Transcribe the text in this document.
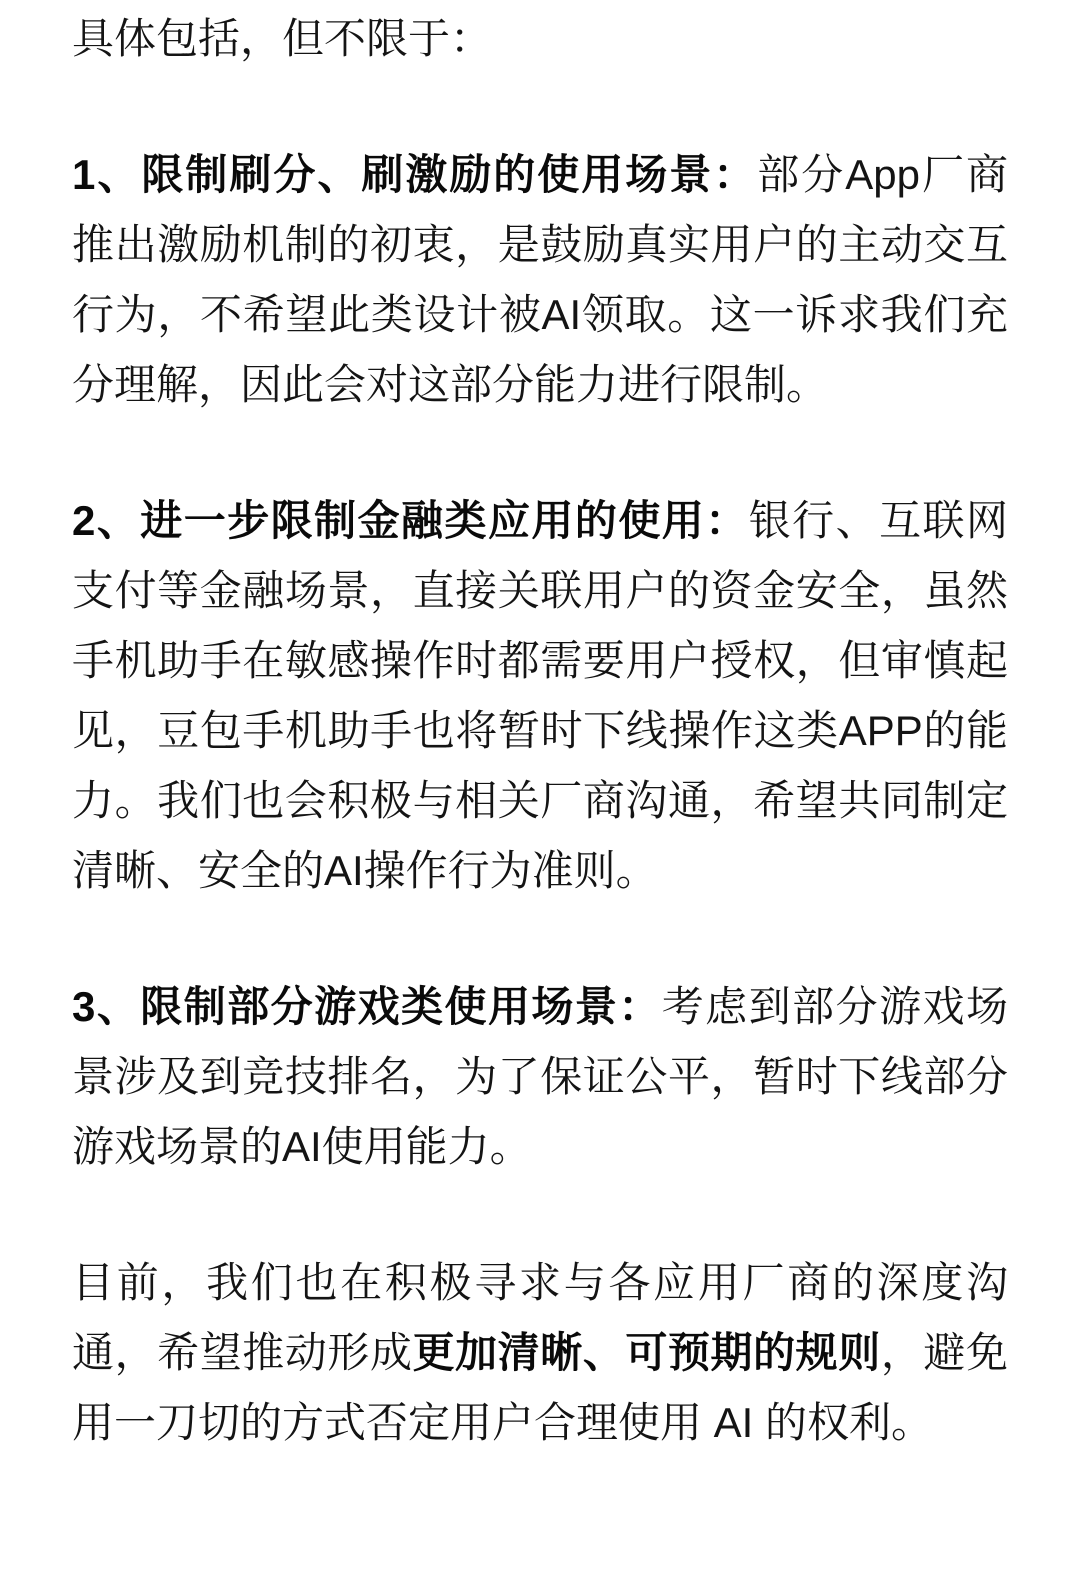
具体包括，但不限于：

1、限制刷分、刷激励的使用场景：部分App厂商推出激励机制的初衷，是鼓励真实用户的主动交互行为，不希望此类设计被AI领取。这一诉求我们充分理解，因此会对这部分能力进行限制。

2、进一步限制金融类应用的使用：银行、互联网支付等金融场景，直接关联用户的资金安全，虽然手机助手在敏感操作时都需要用户授权，但审慎起见，豆包手机助手也将暂时下线操作这类APP的能力。我们也会积极与相关厂商沟通，希望共同制定清晰、安全的AI操作行为准则。

3、限制部分游戏类使用场景：考虑到部分游戏场景涉及到竞技排名，为了保证公平，暂时下线部分游戏场景的AI使用能力。

目前，我们也在积极寻求与各应用厂商的深度沟通，希望推动形成更加清晰、可预期的规则，避免用一刀切的方式否定用户合理使用 AI 的权利。
